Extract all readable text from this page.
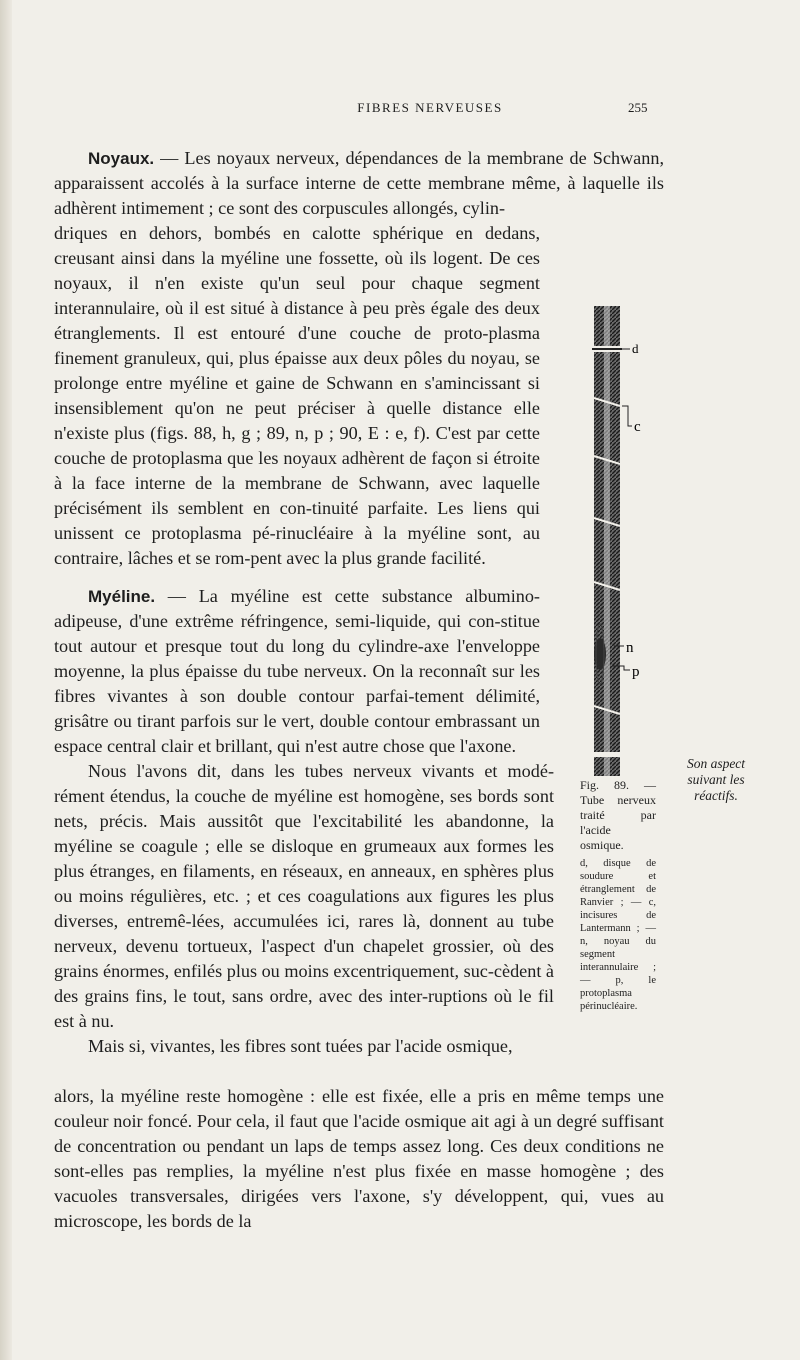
FIBRES NERVEUSES	255

Noyaux. — Les noyaux nerveux, dépendances de la membrane de Schwann, apparaissent accolés à la surface interne de cette membrane même, à laquelle ils adhèrent intimement ; ce sont des corpuscules allongés, cylin-

driques en dehors, bombés en calotte sphérique en dedans, creusant ainsi dans la myéline une fossette, où ils logent. De ces noyaux, il n'en existe qu'un seul pour chaque segment interannulaire, où il est situé à distance à peu près égale des deux étranglements. Il est entouré d'une couche de proto-plasma finement granuleux, qui, plus épaisse aux deux pôles du noyau, se prolonge entre myéline et gaine de Schwann en s'amincissant si insensiblement qu'on ne peut préciser à quelle distance elle n'existe plus (figs. 88, h, g ; 89, n, p ; 90, E : e, f). C'est par cette couche de protoplasma que les noyaux adhèrent de façon si étroite à la face interne de la membrane de Schwann, avec laquelle précisément ils semblent en con-tinuité parfaite. Les liens qui unissent ce protoplasma pé-rinucléaire à la myéline sont, au contraire, lâches et se rom-pent avec la plus grande facilité.

Myéline. — La myéline est cette substance albumino-adipeuse, d'une extrême réfringence, semi-liquide, qui con-stitue tout autour et presque tout du long du cylindre-axe l'enveloppe moyenne, la plus épaisse du tube nerveux. On la reconnaît sur les fibres vivantes à son double contour parfai-tement délimité, grisâtre ou tirant parfois sur le vert, double contour embrassant un espace central clair et brillant, qui n'est autre chose que l'axone.

Nous l'avons dit, dans les tubes nerveux vivants et modé-rément étendus, la couche de myéline est homogène, ses bords sont nets, précis. Mais aussitôt que l'excitabilité les abandonne, la myéline se coagule ; elle se disloque en grumeaux aux formes les plus étranges, en filaments, en réseaux, en anneaux, en sphères plus ou moins régulières, etc. ; et ces coagulations aux figures les plus diverses, entremê-lées, accumulées ici, rares là, donnent au tube nerveux, devenu tortueux, l'aspect d'un chapelet grossier, où des grains énormes, enfilés plus ou moins excentriquement, suc-cèdent à des grains fins, le tout, sans ordre, avec des inter-ruptions où le fil est à nu.

Mais si, vivantes, les fibres sont tuées par l'acide osmique,

alors, la myéline reste homogène : elle est fixée, elle a pris en même temps une couleur noir foncé. Pour cela, il faut que l'acide osmique ait agi à un degré suffisant de concentration ou pendant un laps de temps assez long. Ces deux conditions ne sont-elles pas remplies, la myéline n'est plus fixée en masse homogène ; des vacuoles transversales, dirigées vers l'axone, s'y développent, qui, vues au microscope, les bords de la

d
c
n
p
Fig. 89. — Tube nerveux traité par l'acide osmique.
d, disque de soudure et étranglement de Ranvier ; — c, incisures de Lantermann ; — n, noyau du segment interannulaire ; — p, le protoplasma périnucléaire.
Son aspect suivant les réactifs.
